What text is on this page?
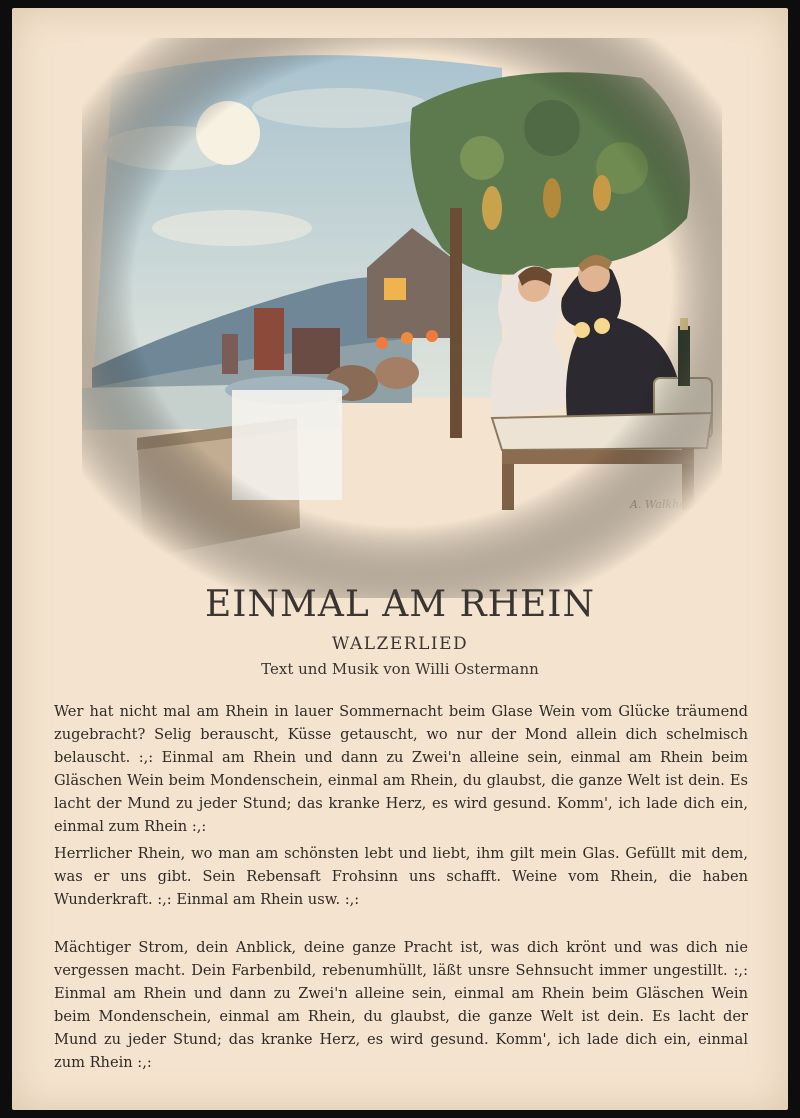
EINMAL AM RHEIN
WALZERLIED
Text und Musik von Willi Ostermann

Wer hat nicht mal am Rhein in lauer Sommernacht beim Glase Wein vom Glücke träumend zugebracht? Selig berauscht, Küsse getauscht, wo nur der Mond allein dich schelmisch belauscht. :,: Einmal am Rhein und dann zu Zwei'n alleine sein, einmal am Rhein beim Gläschen Wein beim Mondenschein, einmal am Rhein, du glaubst, die ganze Welt ist dein. Es lacht der Mund zu jeder Stund; das kranke Herz, es wird gesund. Komm', ich lade dich ein, einmal zum Rhein :,:

Herrlicher Rhein, wo man am schönsten lebt und liebt, ihm gilt mein Glas. Gefüllt mit dem, was er uns gibt. Sein Rebensaft Frohsinn uns schafft. Weine vom Rhein, die haben Wunderkraft. :,: Einmal am Rhein usw. :,:

Mächtiger Strom, dein Anblick, deine ganze Pracht ist, was dich krönt und was dich nie vergessen macht. Dein Farbenbild, rebenumhüllt, läßt unsre Sehnsucht immer ungestillt. :,: Einmal am Rhein und dann zu Zwei'n alleine sein, einmal am Rhein beim Gläschen Wein beim Mondenschein, einmal am Rhein, du glaubst, die ganze Welt ist dein. Es lacht der Mund zu jeder Stund; das kranke Herz, es wird gesund. Komm', ich lade dich ein, einmal zum Rhein :,:
